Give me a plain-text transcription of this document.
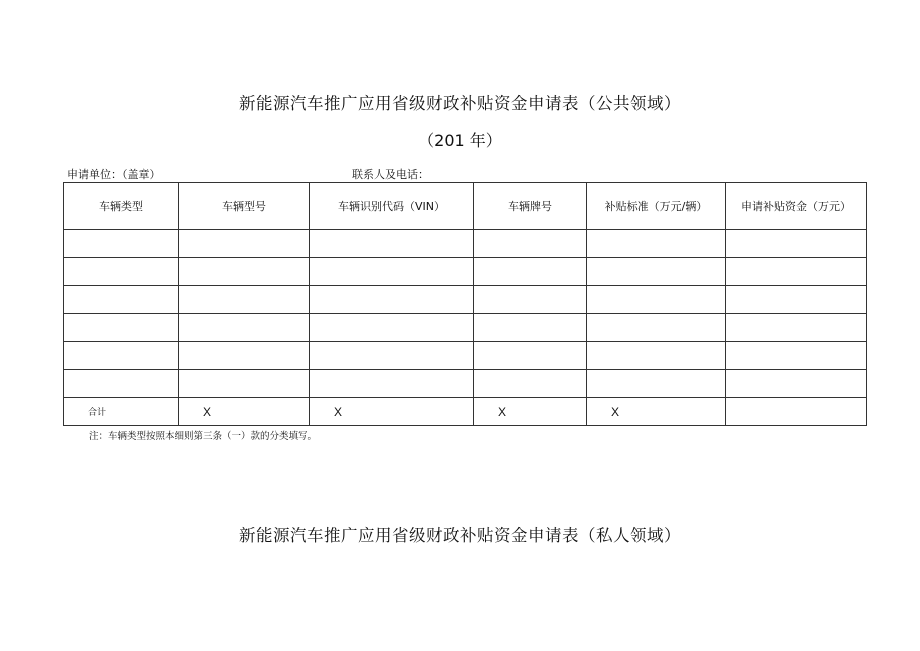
新能源汽车推广应用省级财政补贴资金申请表（公共领域）
（201 年）
申请单位：（盖章）	联系人及电话：
车辆类型	车辆型号	车辆识别代码（VIN）	车辆牌号	补贴标准（万元/辆）	申请补贴资金（万元）

合计	X	X	X	X	
注：车辆类型按照本细则第三条（一）款的分类填写。
新能源汽车推广应用省级财政补贴资金申请表（私人领域）
